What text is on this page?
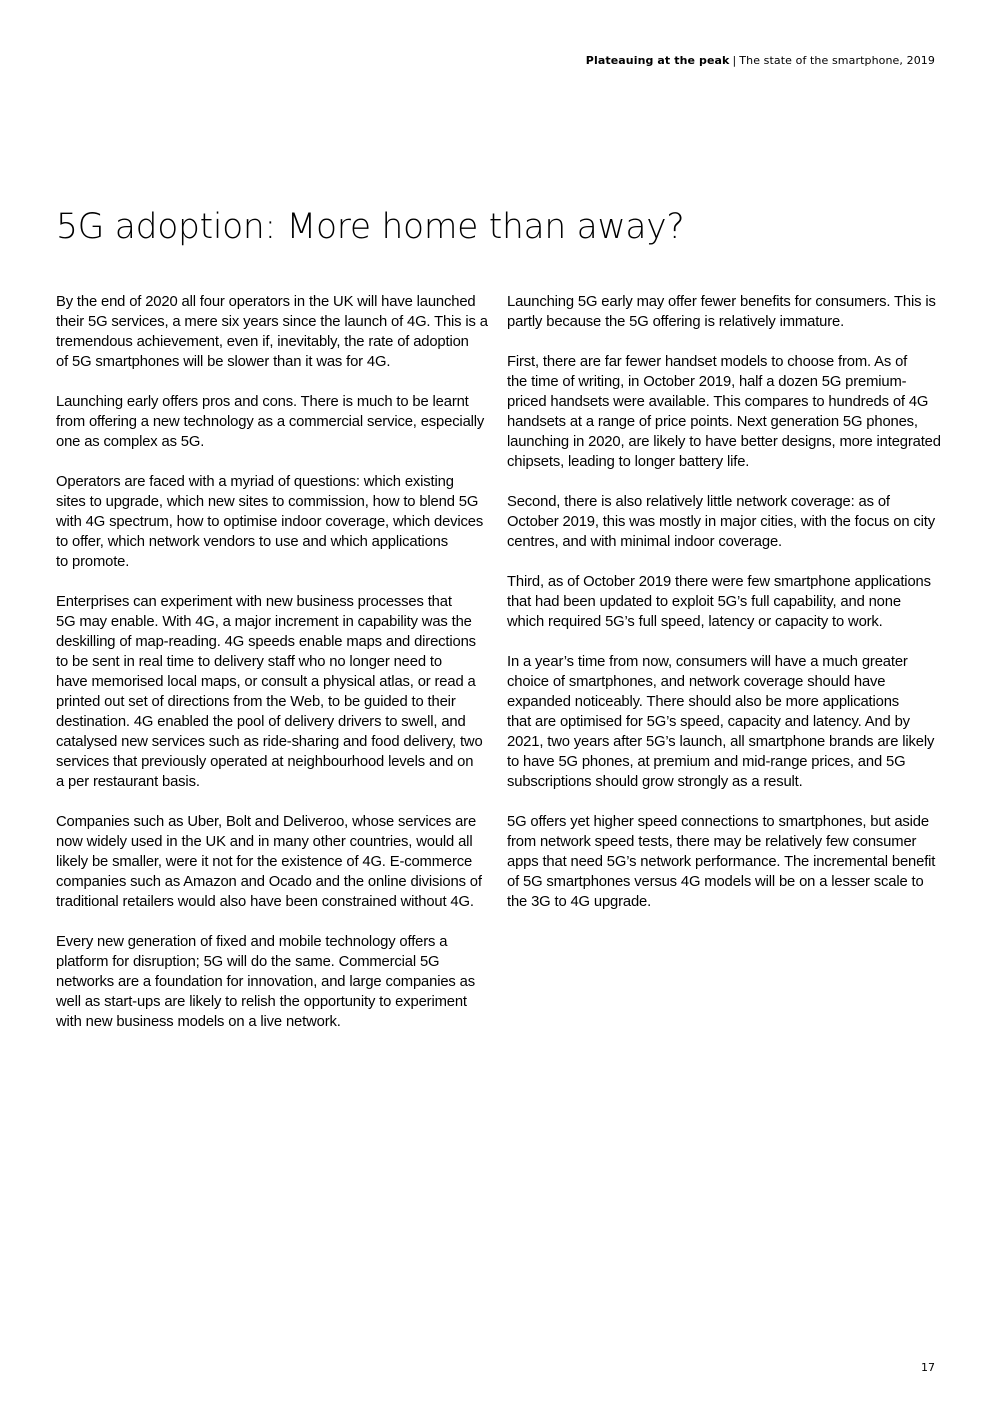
Plateauing at the peak | The state of the smartphone, 2019
5G adoption: More home than away?

By the end of 2020 all four operators in the UK will have launched
their 5G services, a mere six years since the launch of 4G. This is a
tremendous achievement, even if, inevitably, the rate of adoption
of 5G smartphones will be slower than it was for 4G.

Launching early offers pros and cons. There is much to be learnt
from offering a new technology as a commercial service, especially
one as complex as 5G.

Operators are faced with a myriad of questions: which existing
sites to upgrade, which new sites to commission, how to blend 5G
with 4G spectrum, how to optimise indoor coverage, which devices
to offer, which network vendors to use and which applications
to promote.

Enterprises can experiment with new business processes that
5G may enable. With 4G, a major increment in capability was the
deskilling of map-reading. 4G speeds enable maps and directions
to be sent in real time to delivery staff who no longer need to
have memorised local maps, or consult a physical atlas, or read a
printed out set of directions from the Web, to be guided to their
destination. 4G enabled the pool of delivery drivers to swell, and
catalysed new services such as ride-sharing and food delivery, two
services that previously operated at neighbourhood levels and on
a per restaurant basis.

Companies such as Uber, Bolt and Deliveroo, whose services are
now widely used in the UK and in many other countries, would all
likely be smaller, were it not for the existence of 4G. E-commerce
companies such as Amazon and Ocado and the online divisions of
traditional retailers would also have been constrained without 4G.

Every new generation of fixed and mobile technology offers a
platform for disruption; 5G will do the same. Commercial 5G
networks are a foundation for innovation, and large companies as
well as start-ups are likely to relish the opportunity to experiment
with new business models on a live network.

Launching 5G early may offer fewer benefits for consumers. This is
partly because the 5G offering is relatively immature.

First, there are far fewer handset models to choose from. As of
the time of writing, in October 2019, half a dozen 5G premium-
priced handsets were available. This compares to hundreds of 4G
handsets at a range of price points. Next generation 5G phones,
launching in 2020, are likely to have better designs, more integrated
chipsets, leading to longer battery life.

Second, there is also relatively little network coverage: as of
October 2019, this was mostly in major cities, with the focus on city
centres, and with minimal indoor coverage.

Third, as of October 2019 there were few smartphone applications
that had been updated to exploit 5G’s full capability, and none
which required 5G’s full speed, latency or capacity to work.

In a year’s time from now, consumers will have a much greater
choice of smartphones, and network coverage should have
expanded noticeably. There should also be more applications
that are optimised for 5G’s speed, capacity and latency. And by
2021, two years after 5G’s launch, all smartphone brands are likely
to have 5G phones, at premium and mid-range prices, and 5G
subscriptions should grow strongly as a result.

5G offers yet higher speed connections to smartphones, but aside
from network speed tests, there may be relatively few consumer
apps that need 5G’s network performance. The incremental benefit
of 5G smartphones versus 4G models will be on a lesser scale to
the 3G to 4G upgrade.

17
